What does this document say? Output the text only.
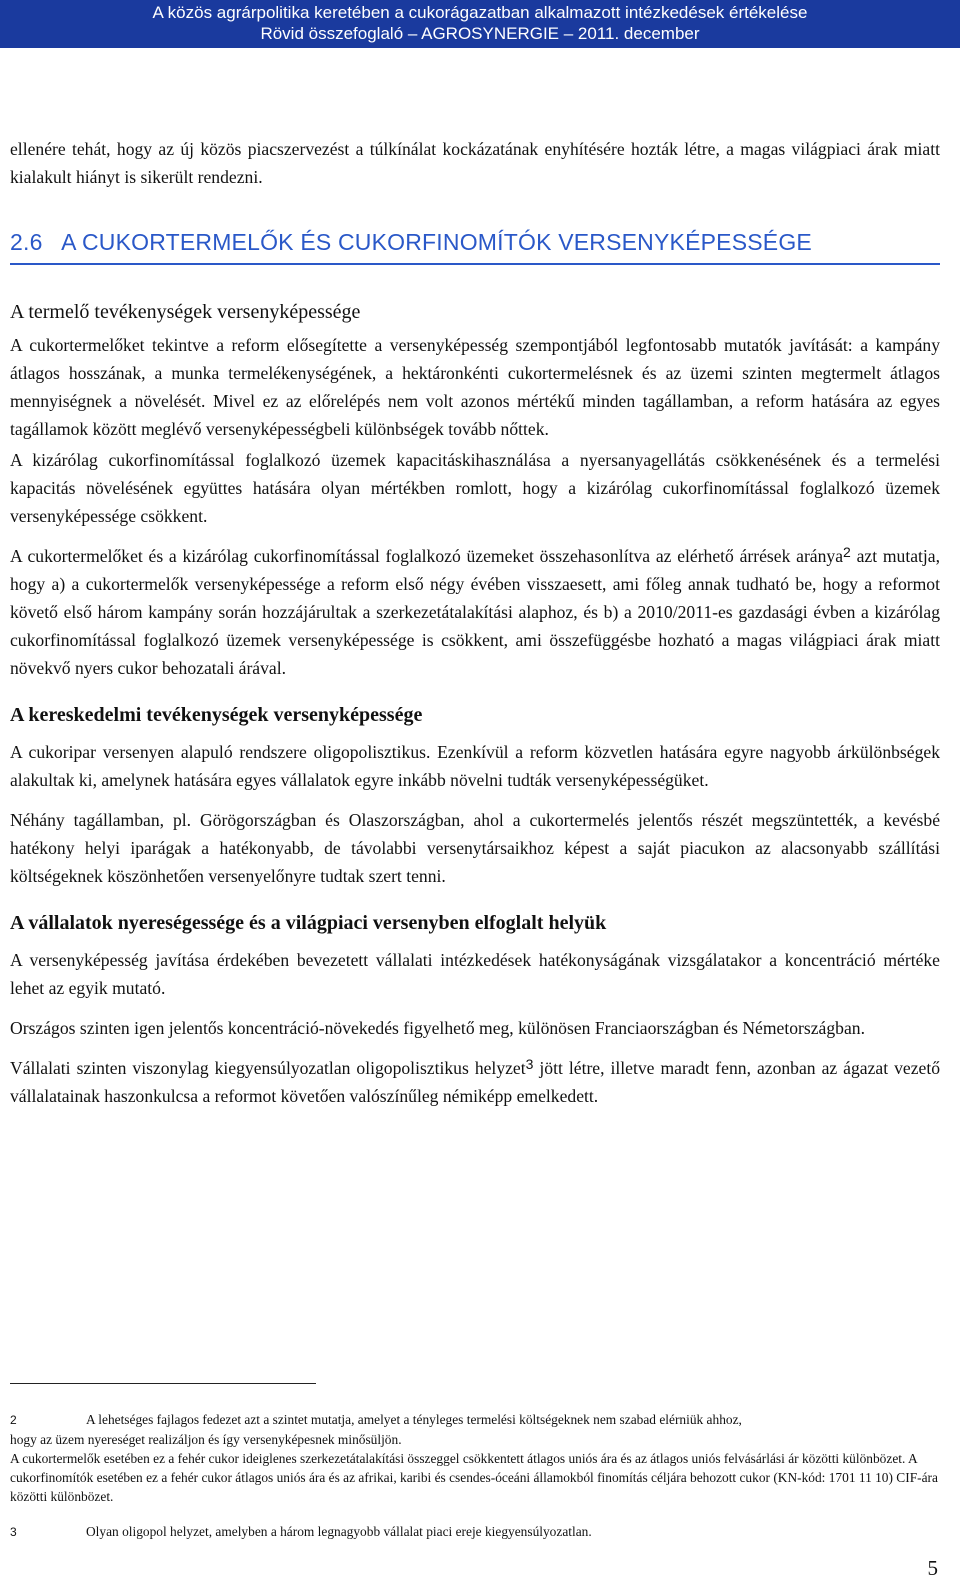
A közös agrárpolitika keretében a cukorágazatban alkalmazott intézkedések értékelése
Rövid összefoglaló – AGROSYNERGIE – 2011. december

ellenére tehát, hogy az új közös piacszervezést a túlkínálat kockázatának enyhítésére hozták létre, a magas világpiaci árak miatt kialakult hiányt is sikerült rendezni.

2.6 A CUKORTERMELŐK ÉS CUKORFINOMÍTÓK VERSENYKÉPESSÉGE
A termelő tevékenységek versenyképessége

A cukortermelőket tekintve a reform elősegítette a versenyképesség szempontjából legfontosabb mutatók javítását: a kampány átlagos hosszának, a munka termelékenységének, a hektáronkénti cukortermelésnek és az üzemi szinten megtermelt átlagos mennyiségnek a növelését. Mivel ez az előrelépés nem volt azonos mértékű minden tagállamban, a reform hatására az egyes tagállamok között meglévő versenyképességbeli különbségek tovább nőttek.

A kizárólag cukorfinomítással foglalkozó üzemek kapacitáskihasználása a nyersanyagellátás csökkenésének és a termelési kapacitás növelésének együttes hatására olyan mértékben romlott, hogy a kizárólag cukorfinomítással foglalkozó üzemek versenyképessége csökkent.

A cukortermelőket és a kizárólag cukorfinomítással foglalkozó üzemeket összehasonlítva az elérhető árrések aránya$^2$ azt mutatja, hogy a) a cukortermelők versenyképessége a reform első négy évében visszaesett, ami főleg annak tudható be, hogy a reformot követő első három kampány során hozzájárultak a szerkezetátalakítási alaphoz, és b) a 2010/2011-es gazdasági évben a kizárólag cukorfinomítással foglalkozó üzemek versenyképessége is csökkent, ami összefüggésbe hozható a magas világpiaci árak miatt növekvő nyers cukor behozatali árával.

A kereskedelmi tevékenységek versenyképessége

A cukoripar versenyen alapuló rendszere oligopolisztikus. Ezenkívül a reform közvetlen hatására egyre nagyobb árkülönbségek alakultak ki, amelynek hatására egyes vállalatok egyre inkább növelni tudták versenyképességüket.

Néhány tagállamban, pl. Görögországban és Olaszországban, ahol a cukortermelés jelentős részét megszüntették, a kevésbé hatékony helyi iparágak a hatékonyabb, de távolabbi versenytársaikhoz képest a saját piacukon az alacsonyabb szállítási költségeknek köszönhetően versenyelőnyre tudtak szert tenni.

A vállalatok nyereségessége és a világpiaci versenyben elfoglalt helyük

A versenyképesség javítása érdekében bevezetett vállalati intézkedések hatékonyságának vizsgálatakor a koncentráció mértéke lehet az egyik mutató.

Országos szinten igen jelentős koncentráció-növekedés figyelhető meg, különösen Franciaországban és Németországban.

Vállalati szinten viszonylag kiegyensúlyozatlan oligopolisztikus helyzet$^3$ jött létre, illetve maradt fenn, azonban az ágazat vezető vállalatainak haszonkulcsa a reformot követően valószínűleg némiképp emelkedett.

2	A lehetséges fajlagos fedezet azt a szintet mutatja, amelyet a tényleges termelési költségeknek nem szabad elérniük ahhoz,

hogy az üzem nyereséget realizáljon és így versenyképesnek minősüljön.

A cukortermelők esetében ez a fehér cukor ideiglenes szerkezetátalakítási összeggel csökkentett átlagos uniós ára és az átlagos uniós felvásárlási ár közötti különbözet. A cukorfinomítók esetében ez a fehér cukor átlagos uniós ára és az afrikai, karibi és csendes-óceáni államokból finomítás céljára behozott cukor (KN-kód: 1701 11 10) CIF-ára közötti különbözet.

3	Olyan oligopol helyzet, amelyben a három legnagyobb vállalat piaci ereje kiegyensúlyozatlan.

5
